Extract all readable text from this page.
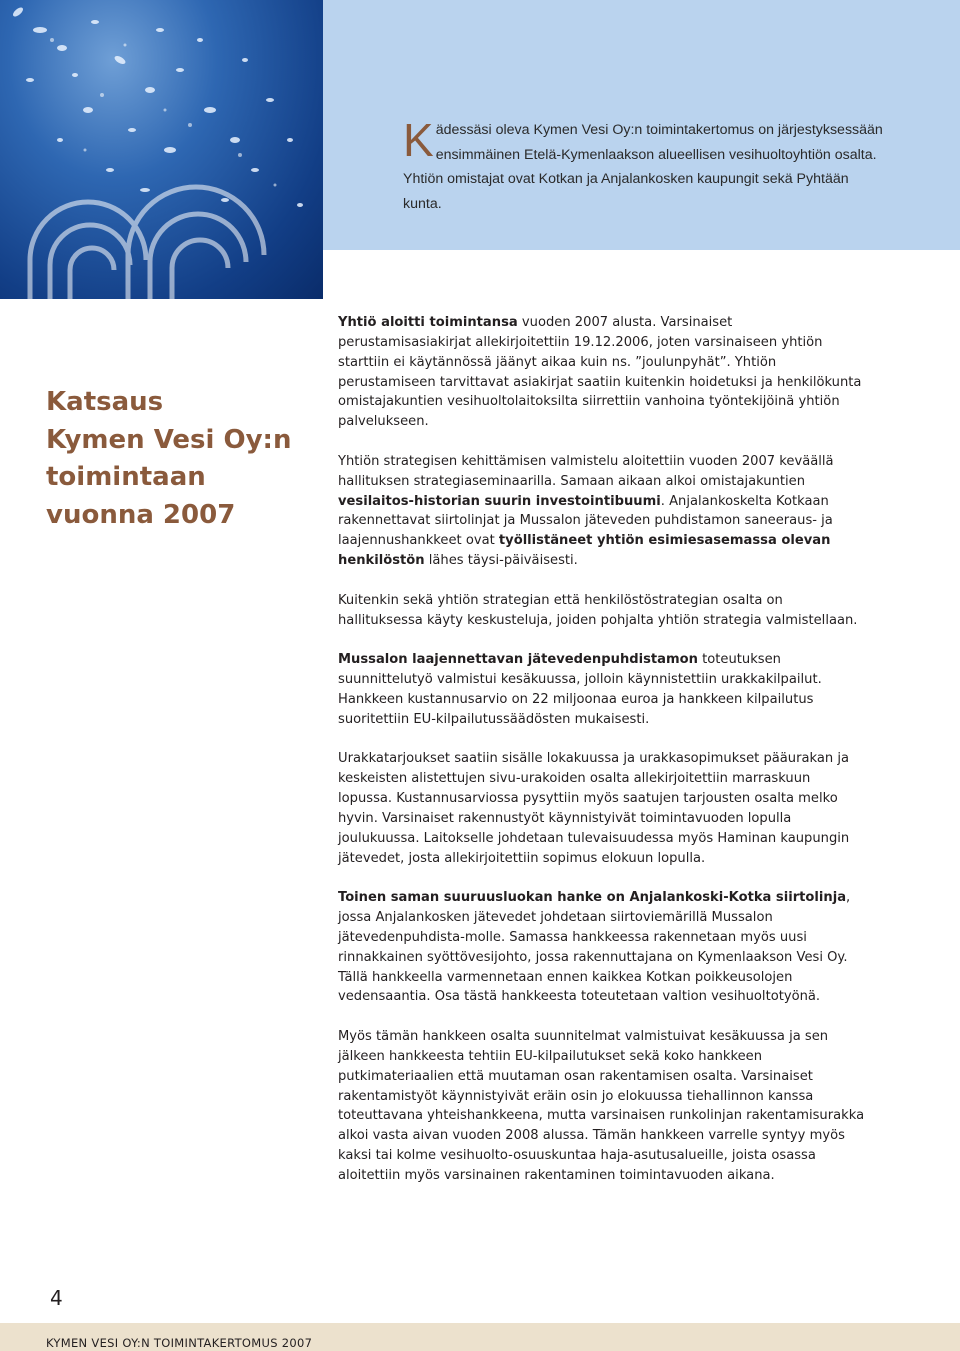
Kädessäsi oleva Kymen Vesi Oy:n toimintakertomus on järjestyksessään ensimmäinen Etelä-Kymenlaakson alueellisen vesihuoltoyhtiön osalta. Yhtiön omistajat ovat Kotkan ja Anjalankosken kaupungit sekä Pyhtään kunta.

Katsaus
Kymen Vesi Oy:n
toimintaan
vuonna 2007

Yhtiö aloitti toimintansa vuoden 2007 alusta. Varsinaiset perustamisasiakirjat allekirjoitettiin 19.12.2006, joten varsinaiseen yhtiön starttiin ei käytännössä jäänyt aikaa kuin ns. ”joulunpyhät”. Yhtiön perustamiseen tarvittavat asiakirjat saatiin kuitenkin hoidetuksi ja henkilökunta omistajakuntien vesihuoltolaitoksilta siirrettiin vanhoina työntekijöinä yhtiön palvelukseen.

Yhtiön strategisen kehittämisen valmistelu aloitettiin vuoden 2007 keväällä hallituksen strategiaseminaarilla. Samaan aikaan alkoi omistajakuntien vesilaitos-historian suurin investointibuumi. Anjalankoskelta Kotkaan rakennettavat siirtolinjat ja Mussalon jäteveden puhdistamon saneeraus- ja laajennushankkeet ovat työllistäneet yhtiön esimiesasemassa olevan henkilöstön lähes täysi-päiväisesti.

Kuitenkin sekä yhtiön strategian että henkilöstöstrategian osalta on hallituksessa käyty keskusteluja, joiden pohjalta yhtiön strategia valmistellaan.

Mussalon laajennettavan jätevedenpuhdistamon toteutuksen suunnittelutyö valmistui kesäkuussa, jolloin käynnistettiin urakkakilpailut. Hankkeen kustannusarvio on 22 miljoonaa euroa ja hankkeen kilpailutus suoritettiin EU-kilpailutussäädösten mukaisesti.

Urakkatarjoukset saatiin sisälle lokakuussa ja urakkasopimukset pääurakan ja keskeisten alistettujen sivu-urakoiden osalta allekirjoitettiin marraskuun lopussa. Kustannusarviossa pysyttiin myös saatujen tarjousten osalta melko hyvin. Varsinaiset rakennustyöt käynnistyivät toimintavuoden lopulla joulukuussa. Laitokselle johdetaan tulevaisuudessa myös Haminan kaupungin jätevedet, josta allekirjoitettiin sopimus elokuun lopulla.

Toinen saman suuruusluokan hanke on Anjalankoski-Kotka siirtolinja, jossa Anjalankosken jätevedet johdetaan siirtoviemärillä Mussalon jätevedenpuhdista-molle. Samassa hankkeessa rakennetaan myös uusi rinnakkainen syöttövesijohto, jossa rakennuttajana on Kymenlaakson Vesi Oy. Tällä hankkeella varmennetaan ennen kaikkea Kotkan poikkeusolojen vedensaantia. Osa tästä hankkeesta toteutetaan valtion vesihuoltotyönä.

Myös tämän hankkeen osalta suunnitelmat valmistuivat kesäkuussa ja sen jälkeen hankkeesta tehtiin EU-kilpailutukset sekä koko hankkeen putkimateriaalien että muutaman osan rakentamisen osalta. Varsinaiset rakentamistyöt käynnistyivät eräin osin jo elokuussa tiehallinnon kanssa toteuttavana yhteishankkeena, mutta varsinaisen runkolinjan rakentamisurakka alkoi vasta aivan vuoden 2008 alussa. Tämän hankkeen varrelle syntyy myös kaksi tai kolme vesihuolto-osuuskuntaa haja-asutusalueille, joista osassa aloitettiin myös varsinainen rakentaminen toimintavuoden aikana.

4
KYMEN VESI OY:N TOIMINTAKERTOMUS 2007
